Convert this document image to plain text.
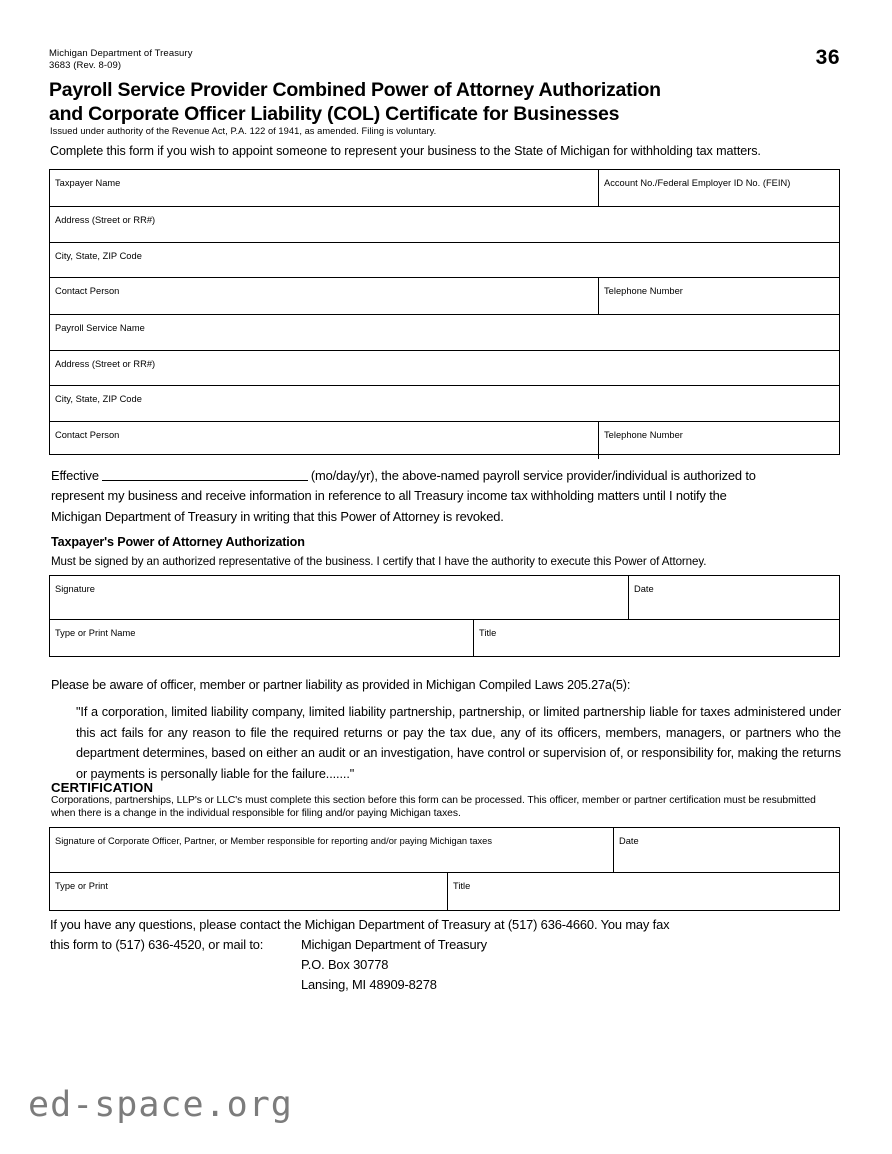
Michigan Department of Treasury
3683 (Rev. 8-09)	36
Payroll Service Provider Combined Power of Attorney Authorization
and Corporate Officer Liability (COL) Certificate for Businesses
Issued under authority of the Revenue Act, P.A. 122 of 1941, as amended. Filing is voluntary.
Complete this form if you wish to appoint someone to represent your business to the State of Michigan for withholding tax matters.
Taxpayer Name	Account No./Federal Employer ID No. (FEIN)
Address (Street or RR#)
City, State, ZIP Code
Contact Person	Telephone Number
Payroll Service Name
Address (Street or RR#)
City, State, ZIP Code
Contact Person	Telephone Number
Effective	(mo/day/yr), the above-named payroll service provider/individual is authorized to
represent my business and receive information in reference to all Treasury income tax withholding matters until I notify the
Michigan Department of Treasury in writing that this Power of Attorney is revoked.
Taxpayer's Power of Attorney Authorization
Must be signed by an authorized representative of the business. I certify that I have the authority to execute this Power of Attorney.
Signature	Date
Type or Print Name	Title
Please be aware of officer, member or partner liability as provided in Michigan Compiled Laws 205.27a(5):
"If a corporation, limited liability company, limited liability partnership, partnership, or limited partnership liable for taxes administered under this act fails for any reason to file the required returns or pay the tax due, any of its officers, members, managers, or partners who the department determines, based on either an audit or an investigation, have control or supervision of, or responsibility for, making the returns or payments is personally liable for the failure......."
CERTIFICATION
Corporations, partnerships, LLP's or LLC's must complete this section before this form can be processed. This officer, member or partner certification must be resubmitted when there is a change in the individual responsible for filing and/or paying Michigan taxes.
Signature of Corporate Officer, Partner, or Member responsible for reporting and/or paying Michigan taxes	Date
Type or Print	Title
If you have any questions, please contact the Michigan Department of Treasury at (517) 636-4660. You may fax
this form to (517) 636-4520, or mail to:	Michigan Department of Treasury
P.O. Box 30778
Lansing, MI 48909-8278
ed-space.org
